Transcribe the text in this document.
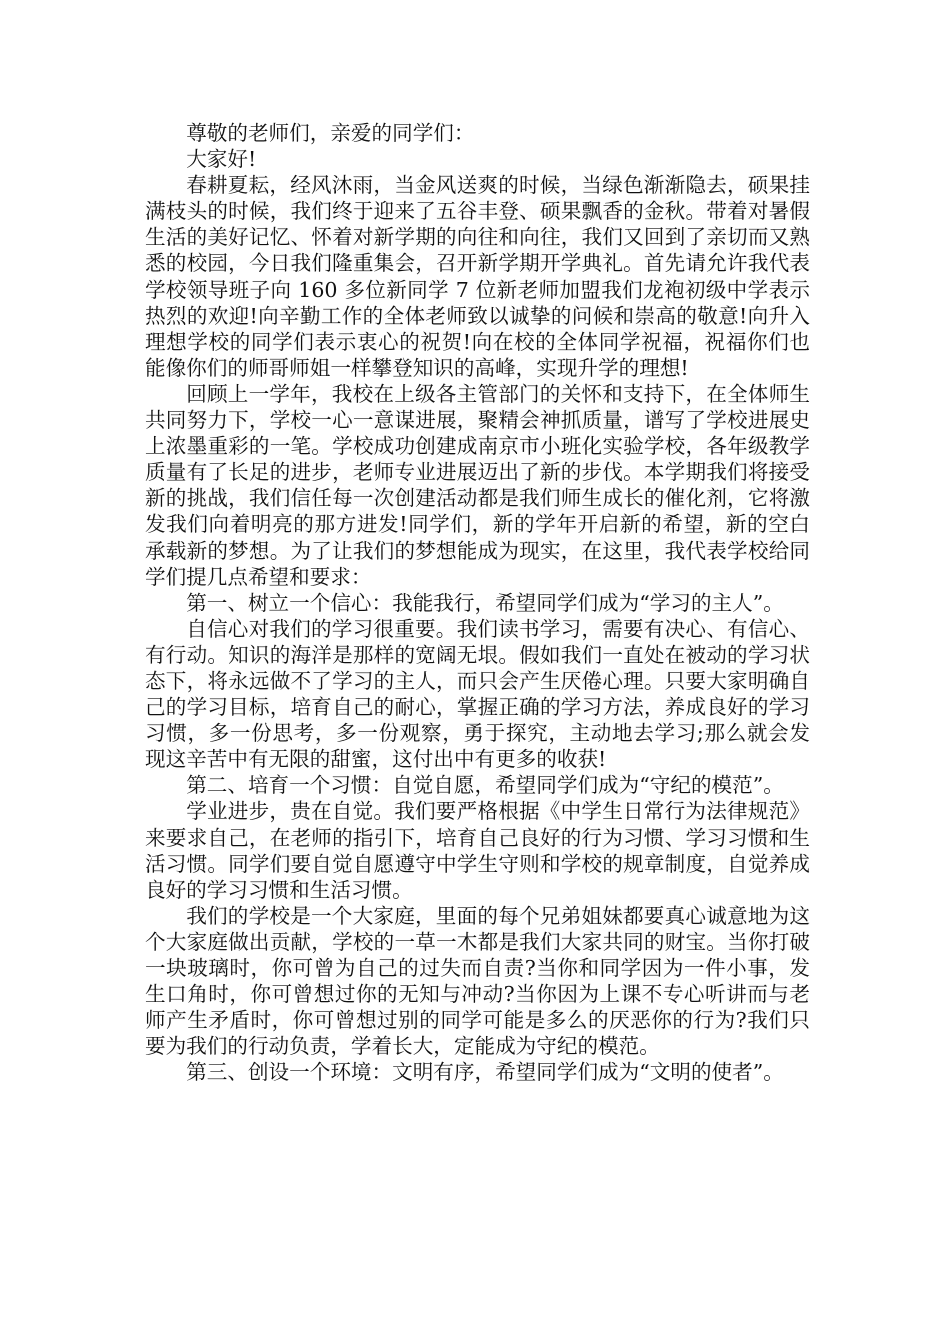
尊敬的老师们，亲爱的同学们：

大家好!

春耕夏耘，经风沐雨，当金风送爽的时候，当绿色渐渐隐去，硕果挂满枝头的时候，我们终于迎来了五谷丰登、硕果飘香的金秋。带着对暑假生活的美好记忆、怀着对新学期的向往和向往，我们又回到了亲切而又熟悉的校园，今日我们隆重集会，召开新学期开学典礼。首先请允许我代表学校领导班子向 160 多位新同学 7 位新老师加盟我们龙袍初级中学表示热烈的欢迎!向辛勤工作的全体老师致以诚挚的问候和崇高的敬意!向升入理想学校的同学们表示衷心的祝贺!向在校的全体同学祝福，祝福你们也能像你们的师哥师姐一样攀登知识的高峰，实现升学的理想!

回顾上一学年，我校在上级各主管部门的关怀和支持下，在全体师生共同努力下，学校一心一意谋进展，聚精会神抓质量，谱写了学校进展史上浓墨重彩的一笔。学校成功创建成南京市小班化实验学校，各年级教学质量有了长足的进步，老师专业进展迈出了新的步伐。本学期我们将接受新的挑战，我们信任每一次创建活动都是我们师生成长的催化剂，它将激发我们向着明亮的那方进发!同学们，新的学年开启新的希望，新的空白承载新的梦想。为了让我们的梦想能成为现实，在这里，我代表学校给同学们提几点希望和要求：

第一、树立一个信心：我能我行，希望同学们成为“学习的主人”。

自信心对我们的学习很重要。我们读书学习，需要有决心、有信心、有行动。知识的海洋是那样的宽阔无垠。假如我们一直处在被动的学习状态下，将永远做不了学习的主人，而只会产生厌倦心理。只要大家明确自己的学习目标，培育自己的耐心，掌握正确的学习方法，养成良好的学习习惯，多一份思考，多一份观察，勇于探究，主动地去学习;那么就会发现这辛苦中有无限的甜蜜，这付出中有更多的收获!

第二、培育一个习惯：自觉自愿，希望同学们成为“守纪的模范”。

学业进步，贵在自觉。我们要严格根据《中学生日常行为法律规范》来要求自己，在老师的指引下，培育自己良好的行为习惯、学习习惯和生活习惯。同学们要自觉自愿遵守中学生守则和学校的规章制度，自觉养成良好的学习习惯和生活习惯。

我们的学校是一个大家庭，里面的每个兄弟姐妹都要真心诚意地为这个大家庭做出贡献，学校的一草一木都是我们大家共同的财宝。当你打破一块玻璃时，你可曾为自己的过失而自责?当你和同学因为一件小事，发生口角时，你可曾想过你的无知与冲动?当你因为上课不专心听讲而与老师产生矛盾时，你可曾想过别的同学可能是多么的厌恶你的行为?我们只要为我们的行动负责，学着长大，定能成为守纪的模范。

第三、创设一个环境：文明有序，希望同学们成为“文明的使者”。
